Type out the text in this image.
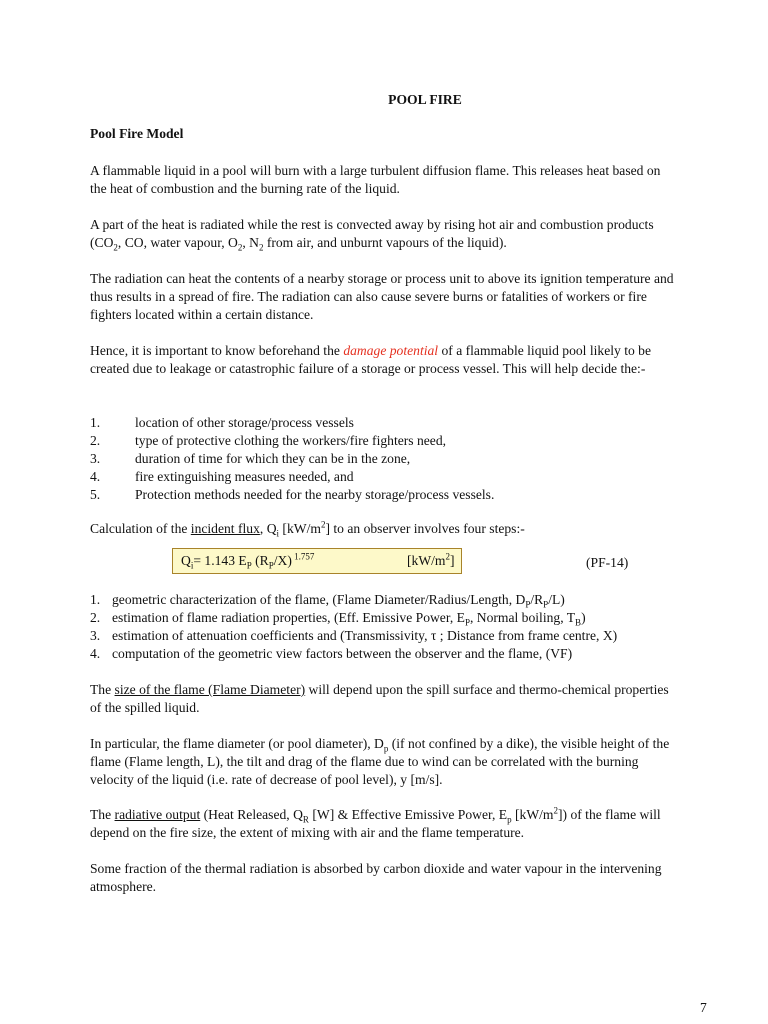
POOL FIRE
Pool Fire Model

A flammable liquid in a pool will burn with a large turbulent diffusion flame. This releases heat based on the heat of combustion and the burning rate of the liquid.

A part of the heat is radiated while the rest is convected away by rising hot air and combustion products ($CO_2$, CO, water vapour, $O_2$, $N_2$ from air, and unburnt vapours of the liquid).

The radiation can heat the contents of a nearby storage or process unit to above its ignition temperature and thus results in a spread of fire. The radiation can also cause severe burns or fatalities of workers or fire fighters located within a certain distance.

Hence, it is important to know beforehand the damage potential of a flammable liquid pool likely to be created due to leakage or catastrophic failure of a storage or process vessel. This will help decide the:-

1.	location of other storage/process vessels
2.	type of protective clothing the workers/fire fighters need,
3.	duration of time for which they can be in the zone,
4.	fire extinguishing measures needed, and
5.	Protection methods needed for the nearby storage/process vessels.

Calculation of the incident flux, $Q_i$ $[kW/m^2]$ to an observer involves four steps:-

$Q_i= 1.143$ $E_P$ $(R_P/X)$ $^{1.757}$	$[kW/m^2]$	(PF-14)
1. geometric characterization of the flame, (Flame Diameter/Radius/Length, $D_P/R_P/L$)
2. estimation of flame radiation properties, (Eff. Emissive Power, $E_P$, Normal boiling, $T_B$)
3. estimation of attenuation coefficients and (Transmissivity, τ ; Distance from frame centre, X)
4. computation of the geometric view factors between the observer and the flame, (VF)

The size of the flame (Flame Diameter) will depend upon the spill surface and thermo-chemical properties of the spilled liquid.

In particular, the flame diameter (or pool diameter), $D_p$ (if not confined by a dike), the visible height of the flame (Flame length, L), the tilt and drag of the flame due to wind can be correlated with the burning velocity of the liquid (i.e. rate of decrease of pool level), y [m/s].

The radiative output (Heat Released, $Q_R$ [W] & Effective Emissive Power, $E_p$ $[kW/m^2]$) of the flame will depend on the fire size, the extent of mixing with air and the flame temperature.

Some fraction of the thermal radiation is absorbed by carbon dioxide and water vapour in the intervening atmosphere.

7
